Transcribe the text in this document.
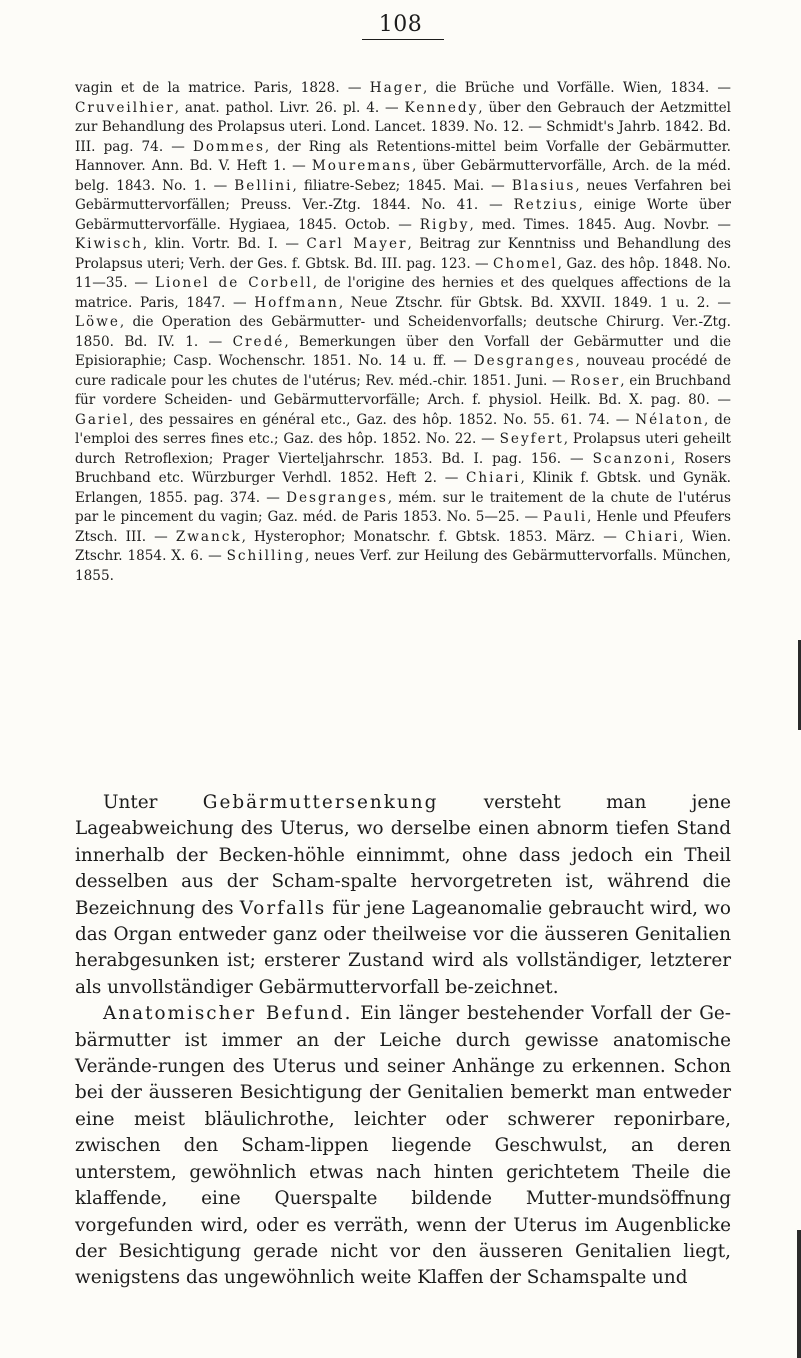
108

vagin et de la matrice. Paris, 1828. — Hager, die Brüche und Vorfälle. Wien, 1834. — Cruveilhier, anat. pathol. Livr. 26. pl. 4. — Kennedy, über den Gebrauch der Aetzmittel zur Behandlung des Prolapsus uteri. Lond. Lancet. 1839. No. 12. — Schmidt's Jahrb. 1842. Bd. III. pag. 74. — Dommes, der Ring als Retentions-mittel beim Vorfalle der Gebärmutter. Hannover. Ann. Bd. V. Heft 1. — Mouremans, über Gebärmuttervorfälle, Arch. de la méd. belg. 1843. No. 1. — Bellini, filiatre-Sebez; 1845. Mai. — Blasius, neues Verfahren bei Gebärmuttervorfällen; Preuss. Ver.-Ztg. 1844. No. 41. — Retzius, einige Worte über Gebärmuttervorfälle. Hygiaea, 1845. Octob. — Rigby, med. Times. 1845. Aug. Novbr. — Kiwisch, klin. Vortr. Bd. I. — Carl Mayer, Beitrag zur Kenntniss und Behandlung des Prolapsus uteri; Verh. der Ges. f. Gbtsk. Bd. III. pag. 123. — Chomel, Gaz. des hôp. 1848. No. 11—35. — Lionel de Corbell, de l'origine des hernies et des quelques affections de la matrice. Paris, 1847. — Hoffmann, Neue Ztschr. für Gbtsk. Bd. XXVII. 1849. 1 u. 2. — Löwe, die Operation des Gebärmutter- und Scheidenvorfalls; deutsche Chirurg. Ver.-Ztg. 1850. Bd. IV. 1. — Credé, Bemerkungen über den Vorfall der Gebärmutter und die Episioraphie; Casp. Wochenschr. 1851. No. 14 u. ff. — Desgranges, nouveau procédé de cure radicale pour les chutes de l'utérus; Rev. méd.-chir. 1851. Juni. — Roser, ein Bruchband für vordere Scheiden- und Gebärmuttervorfälle; Arch. f. physiol. Heilk. Bd. X. pag. 80. — Gariel, des pessaires en général etc., Gaz. des hôp. 1852. No. 55. 61. 74. — Nélaton, de l'emploi des serres fines etc.; Gaz. des hôp. 1852. No. 22. — Seyfert, Prolapsus uteri geheilt durch Retroflexion; Prager Vierteljahrschr. 1853. Bd. I. pag. 156. — Scanzoni, Rosers Bruchband etc. Würzburger Verhdl. 1852. Heft 2. — Chiari, Klinik f. Gbtsk. und Gynäk. Erlangen, 1855. pag. 374. — Desgranges, mém. sur le traitement de la chute de l'utérus par le pincement du vagin; Gaz. méd. de Paris 1853. No. 5—25. — Pauli, Henle und Pfeufers Ztsch. III. — Zwanck, Hysterophor; Monatschr. f. Gbtsk. 1853. März. — Chiari, Wien. Ztschr. 1854. X. 6. — Schilling, neues Verf. zur Heilung des Gebärmuttervorfalls. München, 1855.

Unter Gebärmuttersenkung versteht man jene Lageabweichung des Uterus, wo derselbe einen abnorm tiefen Stand innerhalb der Becken-höhle einnimmt, ohne dass jedoch ein Theil desselben aus der Scham-spalte hervorgetreten ist, während die Bezeichnung des Vorfalls für jene Lageanomalie gebraucht wird, wo das Organ entweder ganz oder theilweise vor die äusseren Genitalien herabgesunken ist; ersterer Zustand wird als vollständiger, letzterer als unvollständiger Gebärmuttervorfall be-zeichnet.

Anatomischer Befund. Ein länger bestehender Vorfall der Ge-bärmutter ist immer an der Leiche durch gewisse anatomische Verände-rungen des Uterus und seiner Anhänge zu erkennen. Schon bei der äusseren Besichtigung der Genitalien bemerkt man entweder eine meist bläulichrothe, leichter oder schwerer reponirbare, zwischen den Scham-lippen liegende Geschwulst, an deren unterstem, gewöhnlich etwas nach hinten gerichtetem Theile die klaffende, eine Querspalte bildende Mutter-mundsöffnung vorgefunden wird, oder es verräth, wenn der Uterus im Augenblicke der Besichtigung gerade nicht vor den äusseren Genitalien liegt, wenigstens das ungewöhnlich weite Klaffen der Schamspalte und
